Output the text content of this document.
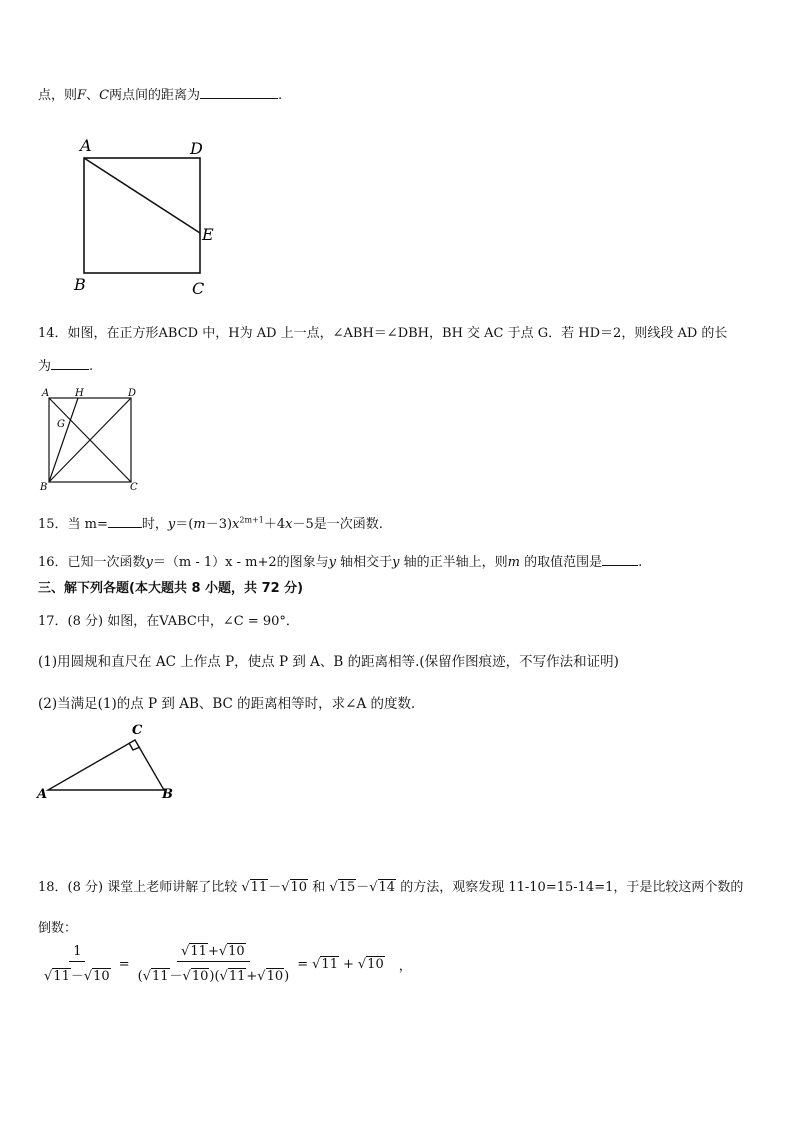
点，则F、C两点间的距离为	.
A	D
E
B	C
14．如图，在正方形ABCD 中，H为 AD 上一点，∠ABH＝∠DBH，BH 交 AC 于点 G．若 HD＝2，则线段 AD 的长
为	.
A	H	D
G
B	C
15．当 m=	时，$y=(m-3)x^{2m+1}+4x-5$是一次函数.
16．已知一次函数y＝（m - 1）x - m+2的图象与y 轴相交于y 轴的正半轴上，则m 的取值范围是	.
三、解下列各题(本大题共 8 小题，共 72 分)
17．(8 分) 如图，在VABC中，∠C = 90°．
(1)用圆规和直尺在 AC 上作点 P，使点 P 到 A、B 的距离相等.(保留作图痕迹，不写作法和证明)
(2)当满足(1)的点 P 到 AB、BC 的距离相等时，求∠A 的度数．
C
A	B
18．(8 分) 课堂上老师讲解了比较 √11－√10 和 √15－√14 的方法，观察发现 11-10=15-14=1，于是比较这两个数的
倒数：
$\frac{1}{√11-√10} = \frac{√11+√10}{(√11-√10)(√11+√10)} = √11 + √10$ ，
